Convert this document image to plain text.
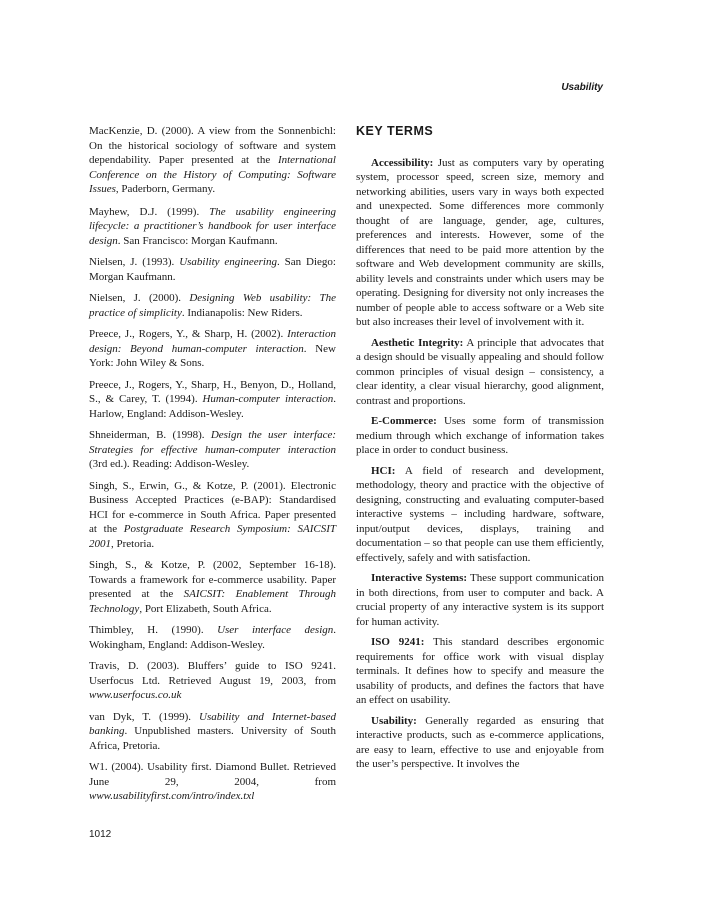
Usability

MacKenzie, D. (2000). A view from the Sonnenbichl: On the historical sociology of software and system dependability. Paper presented at the International Conference on the History of Computing: Software Issues, Paderborn, Germany.

Mayhew, D.J. (1999). The usability engineering lifecycle: a practitioner’s handbook for user interface design. San Francisco: Morgan Kaufmann.

Nielsen, J. (1993). Usability engineering. San Diego: Morgan Kaufmann.

Nielsen, J. (2000). Designing Web usability: The practice of simplicity. Indianapolis: New Riders.

Preece, J., Rogers, Y., & Sharp, H. (2002). Interaction design: Beyond human-computer interaction. New York: John Wiley & Sons.

Preece, J., Rogers, Y., Sharp, H., Benyon, D., Holland, S., & Carey, T. (1994). Human-computer interaction. Harlow, England: Addison-Wesley.

Shneiderman, B. (1998). Design the user interface: Strategies for effective human-computer interaction (3rd ed.). Reading: Addison-Wesley.

Singh, S., Erwin, G., & Kotze, P. (2001). Electronic Business Accepted Practices (e-BAP): Standardised HCI for e-commerce in South Africa. Paper presented at the Postgraduate Research Symposium: SAICSIT 2001, Pretoria.

Singh, S., & Kotze, P. (2002, September 16-18). Towards a framework for e-commerce usability. Paper presented at the SAICSIT: Enablement Through Technology, Port Elizabeth, South Africa.

Thimbley, H. (1990). User interface design. Wokingham, England: Addison-Wesley.

Travis, D. (2003). Bluffers’ guide to ISO 9241. Userfocus Ltd. Retrieved August 19, 2003, from www.userfocus.co.uk

van Dyk, T. (1999). Usability and Internet-based banking. Unpublished masters. University of South Africa, Pretoria.

W1. (2004). Usability first. Diamond Bullet. Retrieved June 29, 2004, from www.usabilityfirst.com/intro/index.txl

KEY TERMS

Accessibility: Just as computers vary by operating system, processor speed, screen size, memory and networking abilities, users vary in ways both expected and unexpected. Some differences more commonly thought of are language, gender, age, cultures, preferences and interests. However, some of the differences that need to be paid more attention by the software and Web development community are skills, ability levels and constraints under which users may be operating. Designing for diversity not only increases the number of people able to access software or a Web site but also increases their level of involvement with it.

Aesthetic Integrity: A principle that advocates that a design should be visually appealing and should follow common principles of visual design – consistency, a clear identity, a clear visual hierarchy, good alignment, contrast and proportions.

E-Commerce: Uses some form of transmission medium through which exchange of information takes place in order to conduct business.

HCI: A field of research and development, methodology, theory and practice with the objective of designing, constructing and evaluating computer-based interactive systems – including hardware, software, input/output devices, displays, training and documentation – so that people can use them efficiently, effectively, safely and with satisfaction.

Interactive Systems: These support communication in both directions, from user to computer and back. A crucial property of any interactive system is its support for human activity.

ISO 9241: This standard describes ergonomic requirements for office work with visual display terminals. It defines how to specify and measure the usability of products, and defines the factors that have an effect on usability.

Usability: Generally regarded as ensuring that interactive products, such as e-commerce applications, are easy to learn, effective to use and enjoyable from the user’s perspective. It involves the

1012
